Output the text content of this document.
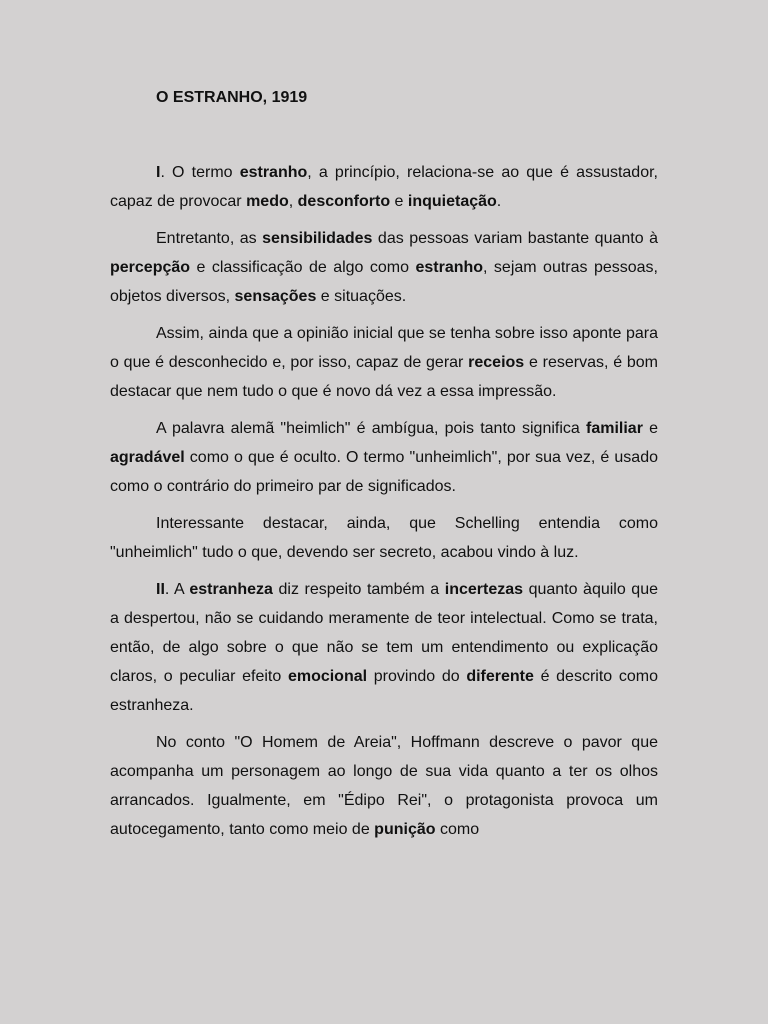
O ESTRANHO, 1919

I. O termo estranho, a princípio, relaciona-se ao que é assustador, capaz de provocar medo, desconforto e inquietação.

Entretanto, as sensibilidades das pessoas variam bastante quanto à percepção e classificação de algo como estranho, sejam outras pessoas, objetos diversos, sensações e situações.

Assim, ainda que a opinião inicial que se tenha sobre isso aponte para o que é desconhecido e, por isso, capaz de gerar receios e reservas, é bom destacar que nem tudo o que é novo dá vez a essa impressão.

A palavra alemã "heimlich" é ambígua, pois tanto significa familiar e agradável como o que é oculto. O termo "unheimlich", por sua vez, é usado como o contrário do primeiro par de significados.

Interessante destacar, ainda, que Schelling entendia como "unheimlich" tudo o que, devendo ser secreto, acabou vindo à luz.

II. A estranheza diz respeito também a incertezas quanto àquilo que a despertou, não se cuidando meramente de teor intelectual. Como se trata, então, de algo sobre o que não se tem um entendimento ou explicação claros, o peculiar efeito emocional provindo do diferente é descrito como estranheza.

No conto "O Homem de Areia", Hoffmann descreve o pavor que acompanha um personagem ao longo de sua vida quanto a ter os olhos arrancados. Igualmente, em "Édipo Rei", o protagonista provoca um autocegamento, tanto como meio de punição como
